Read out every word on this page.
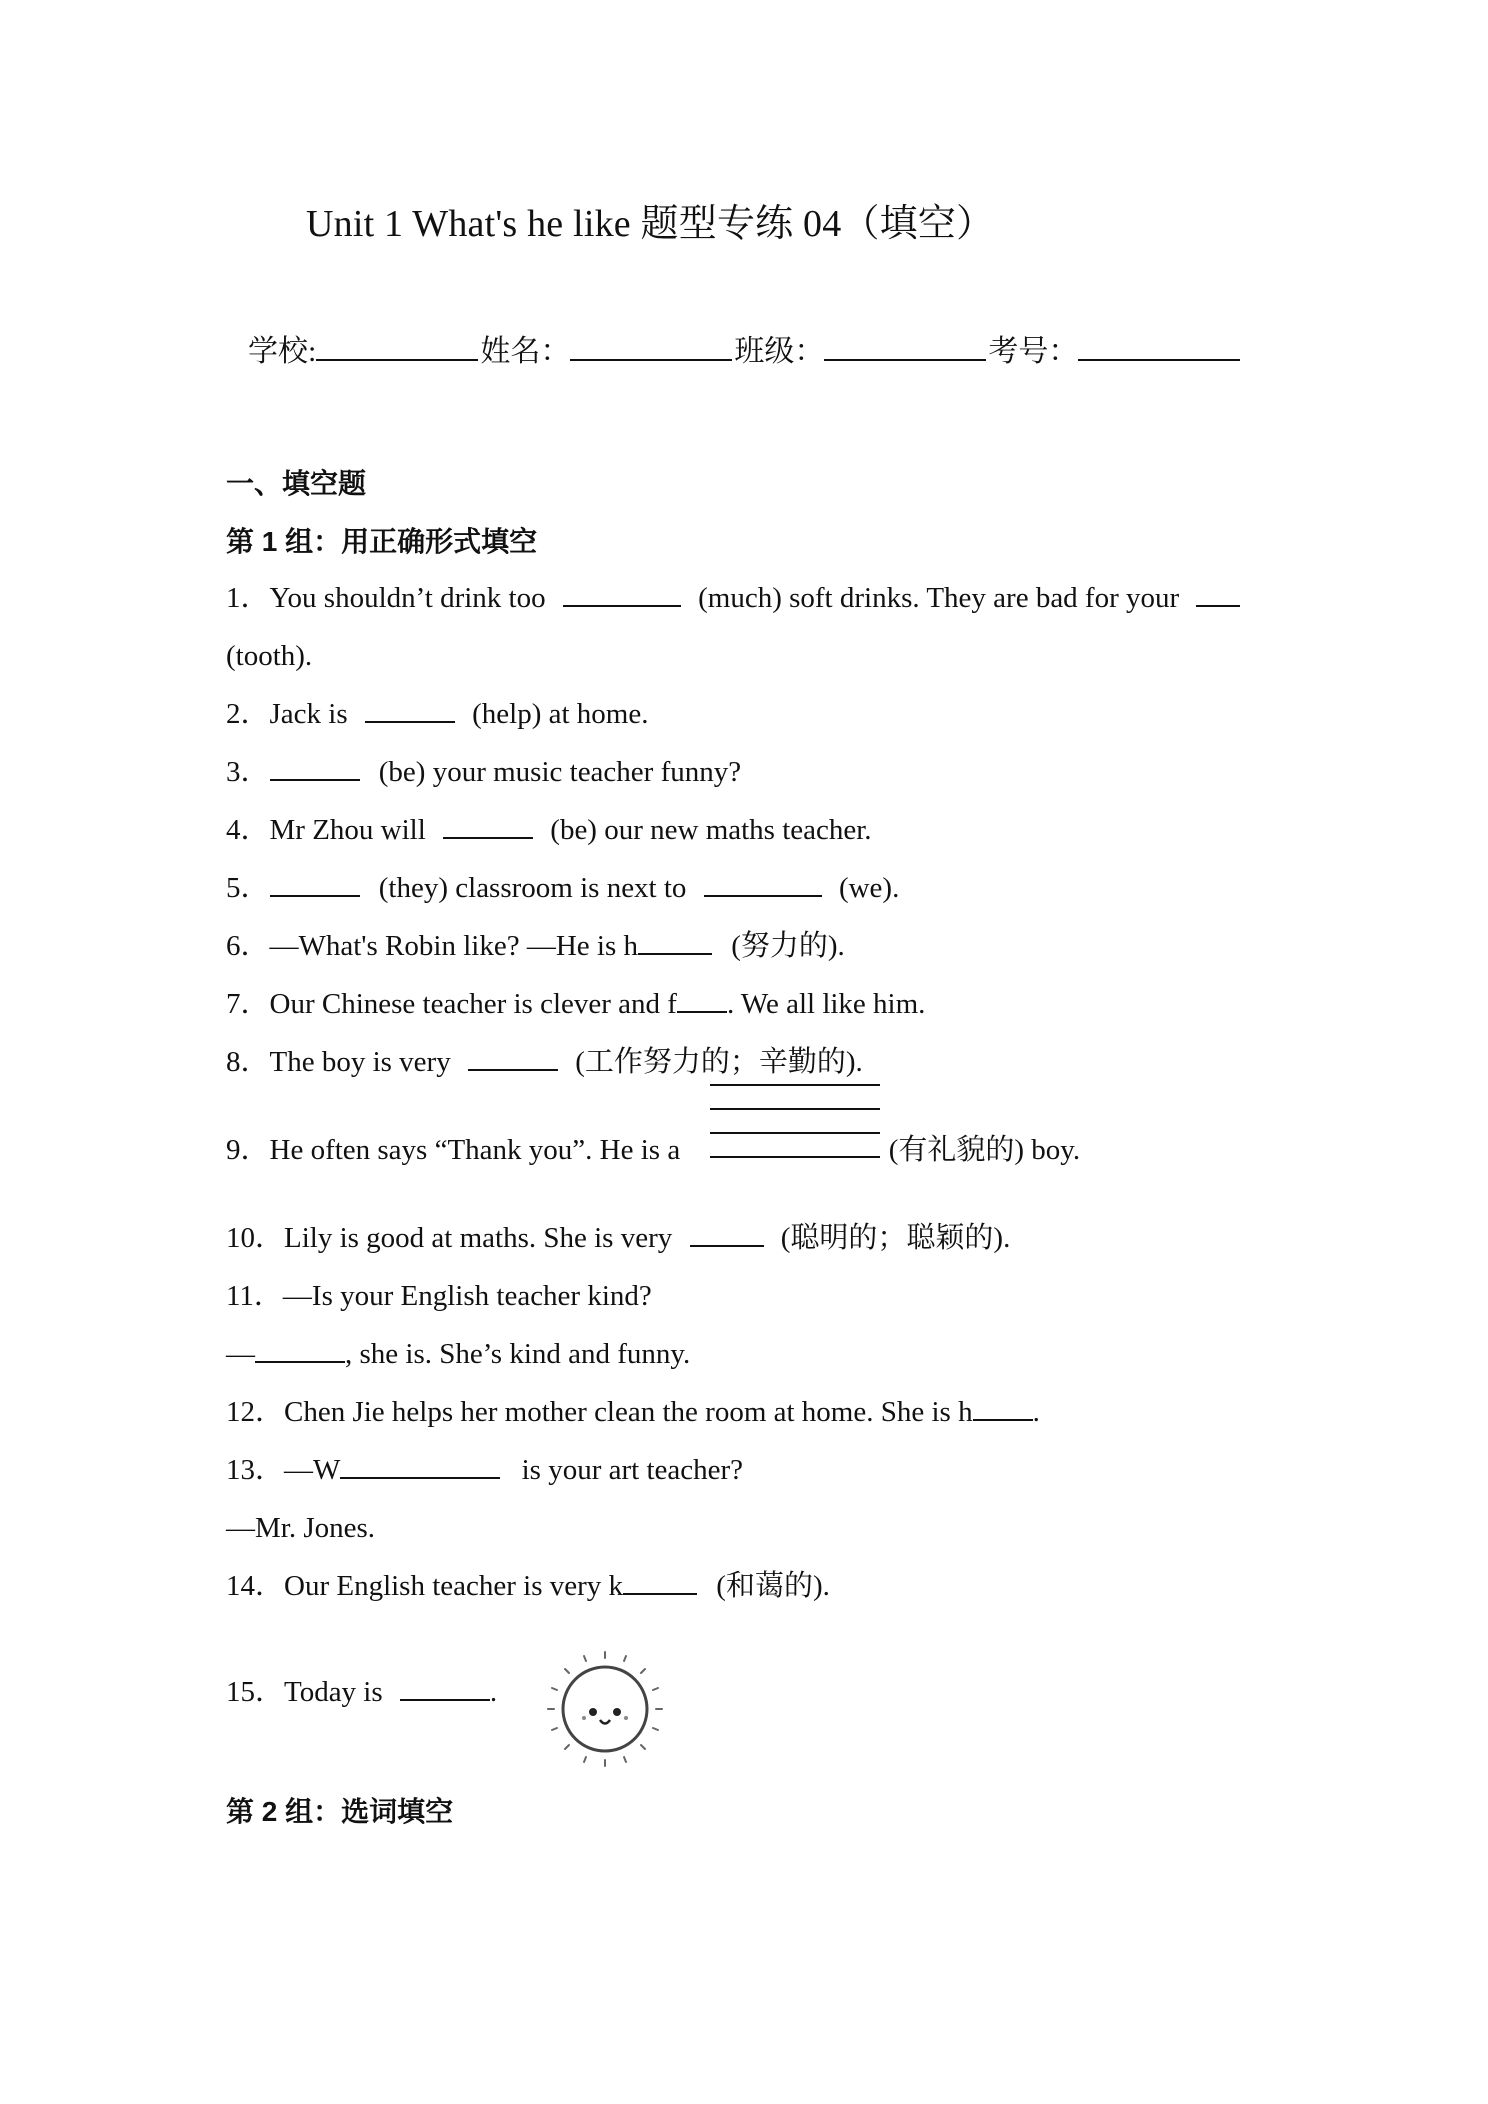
Unit 1 What's he like 题型专练 04（填空）
学校:	姓名：	班级：	考号：
一、填空题
第 1 组：用正确形式填空
1．You shouldn’t drink too	(much) soft drinks. They are bad for your
(tooth).
2．Jack is	(help) at home.
3．	(be) your music teacher funny?
4．Mr Zhou will	(be) our new maths teacher.
5．	(they) classroom is next to	(we).
6．—What's Robin like? —He is h	(努力的).
7．Our Chinese teacher is clever and f . We all like him.
8．The boy is very	(工作努力的；辛勤的).
9．He often says “Thank you”. He is a	(有礼貌的) boy.
10．Lily is good at maths. She is very	(聪明的；聪颖的).
11．—Is your English teacher kind?
—	, she is. She’s kind and funny.
12．Chen Jie helps her mother clean the room at home. She is h .
13．—W	is your art teacher?
—Mr. Jones.
14．Our English teacher is very k	(和蔼的).
15．Today is	.
第 2 组：选词填空
